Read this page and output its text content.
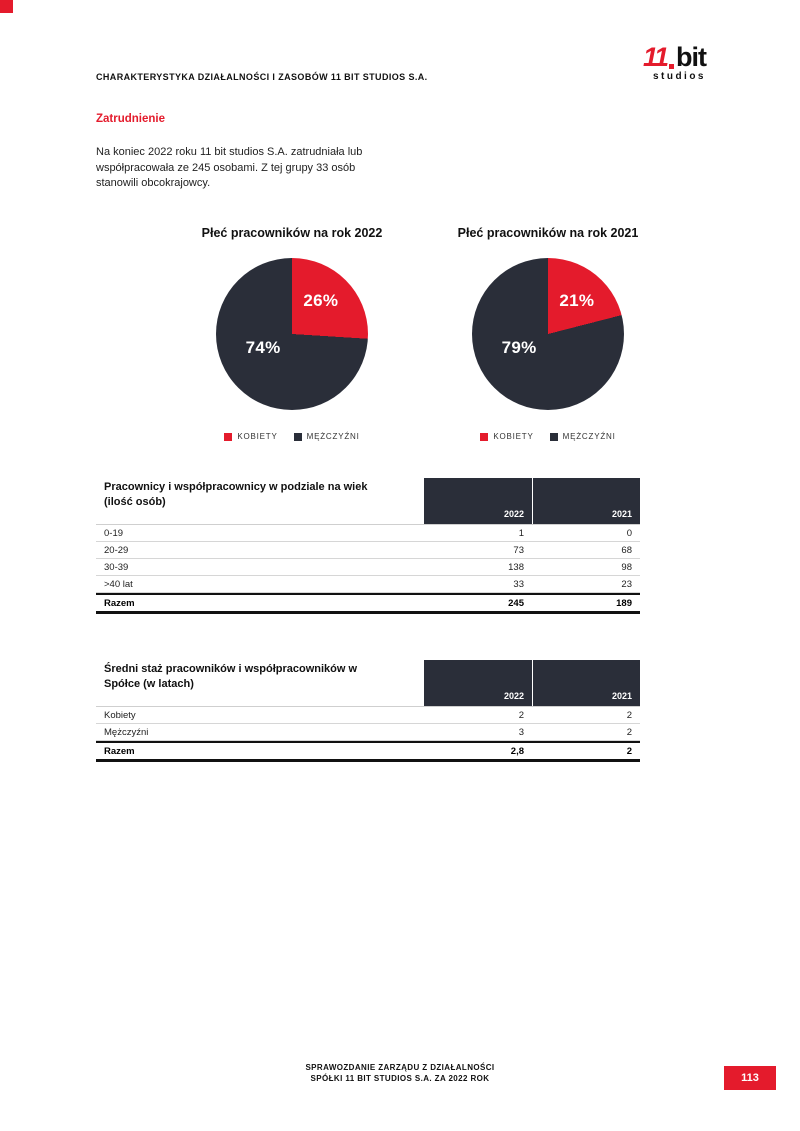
CHARAKTERYSTYKA DZIAŁALNOŚCI I ZASOBÓW 11 BIT STUDIOS S.A.
11 bit
studios
Zatrudnienie
Na koniec 2022 roku 11 bit studios S.A. zatrudniała lub
współpracowała ze 245 osobami. Z tej grupy 33 osób
stanowili obcokrajowcy.
Płeć pracowników na rok 2022
26%
74%
KOBIETY	MĘŻCZYŹNI
Płeć pracowników na rok 2021
21%
79%
KOBIETY	MĘŻCZYŹNI
Pracownicy i współpracownicy w podziale na wiek
(ilość osób)
2022	2021
0-19	1	0
20-29	73	68
30-39	138	98
>40 lat	33	23
Razem	245	189
Średni staż pracowników i współpracowników w
Spółce (w latach)
2022	2021
Kobiety	2	2
Mężczyźni	3	2
Razem	2,8	2
SPRAWOZDANIE ZARZĄDU Z DZIAŁALNOŚCI
SPÓŁKI 11 BIT STUDIOS S.A. ZA 2022 ROK	113
